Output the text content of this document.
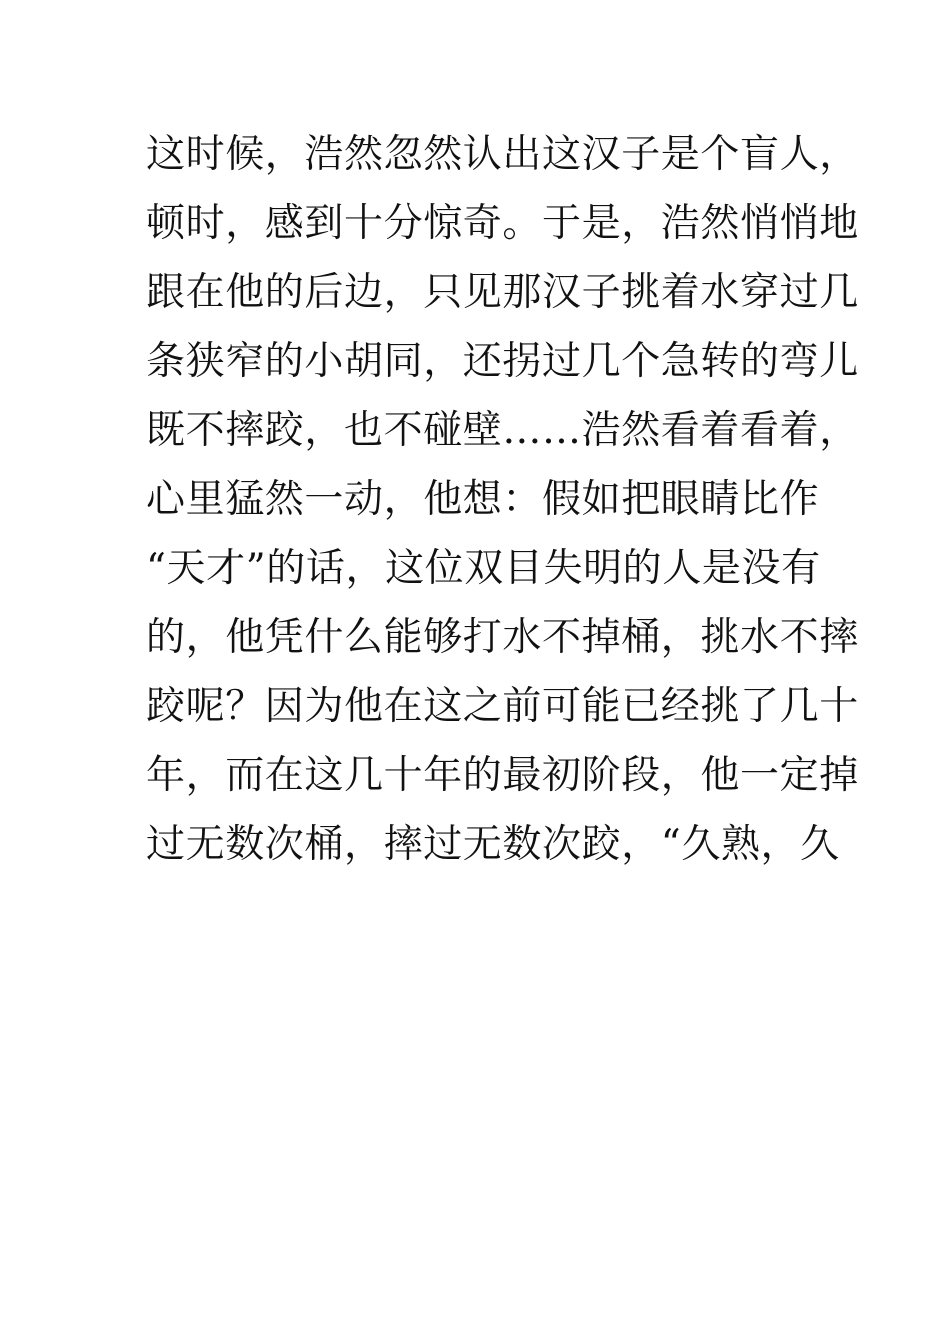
这时候，浩然忽然认出这汉子是个盲人，
顿时，感到十分惊奇。于是，浩然悄悄地
跟在他的后边，只见那汉子挑着水穿过几
条狭窄的小胡同，还拐过几个急转的弯儿
既不摔跤，也不碰壁……浩然看着看着，
心里猛然一动，他想：假如把眼睛比作
“天才”的话，这位双目失明的人是没有
的，他凭什么能够打水不掉桶，挑水不摔
跤呢？因为他在这之前可能已经挑了几十
年，而在这几十年的最初阶段，他一定掉
过无数次桶，摔过无数次跤，“久熟，久
